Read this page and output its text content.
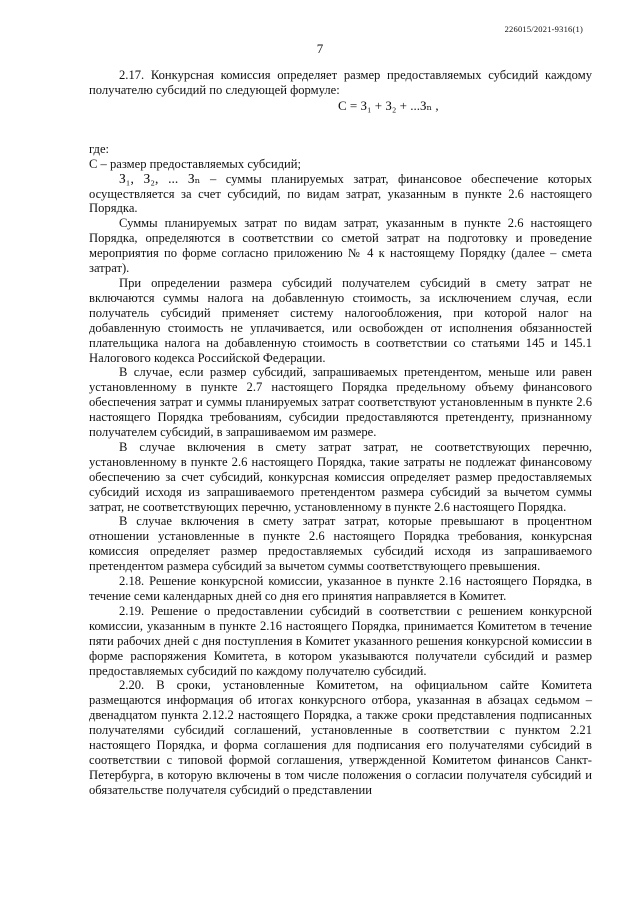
226015/2021-9316(1)
7

2.17. Конкурсная комиссия определяет размер предоставляемых субсидий каждому получателю субсидий по следующей формуле:

С = З₁ + З₂ + ...Зₙ ,

где:

С – размер предоставляемых субсидий;

З₁, З₂, ... Зₙ – суммы планируемых затрат, финансовое обеспечение которых осуществляется за счет субсидий, по видам затрат, указанным в пункте 2.6 настоящего Порядка.

Суммы планируемых затрат по видам затрат, указанным в пункте 2.6 настоящего Порядка, определяются в соответствии со сметой затрат на подготовку и проведение мероприятия по форме согласно приложению № 4 к настоящему Порядку (далее – смета затрат).

При определении размера субсидий получателем субсидий в смету затрат не включаются суммы налога на добавленную стоимость, за исключением случая, если получатель субсидий применяет систему налогообложения, при которой налог на добавленную стоимость не уплачивается, или освобожден от исполнения обязанностей плательщика налога на добавленную стоимость в соответствии со статьями 145 и 145.1 Налогового кодекса Российской Федерации.

В случае, если размер субсидий, запрашиваемых претендентом, меньше или равен установленному в пункте 2.7 настоящего Порядка предельному объему финансового обеспечения затрат и суммы планируемых затрат соответствуют установленным в пункте 2.6 настоящего Порядка требованиям, субсидии предоставляются претенденту, признанному получателем субсидий, в запрашиваемом им размере.

В случае включения в смету затрат затрат, не соответствующих перечню, установленному в пункте 2.6 настоящего Порядка, такие затраты не подлежат финансовому обеспечению за счет субсидий, конкурсная комиссия определяет размер предоставляемых субсидий исходя из запрашиваемого претендентом размера субсидий за вычетом суммы затрат, не соответствующих перечню, установленному в пункте 2.6 настоящего Порядка.

В случае включения в смету затрат затрат, которые превышают в процентном отношении установленные в пункте 2.6 настоящего Порядка требования, конкурсная комиссия определяет размер предоставляемых субсидий исходя из запрашиваемого претендентом размера субсидий за вычетом суммы соответствующего превышения.

2.18. Решение конкурсной комиссии, указанное в пункте 2.16 настоящего Порядка, в течение семи календарных дней со дня его принятия направляется в Комитет.

2.19. Решение о предоставлении субсидий в соответствии с решением конкурсной комиссии, указанным в пункте 2.16 настоящего Порядка, принимается Комитетом в течение пяти рабочих дней с дня поступления в Комитет указанного решения конкурсной комиссии в форме распоряжения Комитета, в котором указываются получатели субсидий и размер предоставляемых субсидий по каждому получателю субсидий.

2.20. В сроки, установленные Комитетом, на официальном сайте Комитета размещаются информация об итогах конкурсного отбора, указанная в абзацах седьмом – двенадцатом пункта 2.12.2 настоящего Порядка, а также сроки представления подписанных получателями субсидий соглашений, установленные в соответствии с пунктом 2.21 настоящего Порядка, и форма соглашения для подписания его получателями субсидий в соответствии с типовой формой соглашения, утвержденной Комитетом финансов Санкт-Петербурга, в которую включены в том числе положения о согласии получателя субсидий и обязательстве получателя субсидий о представлении
